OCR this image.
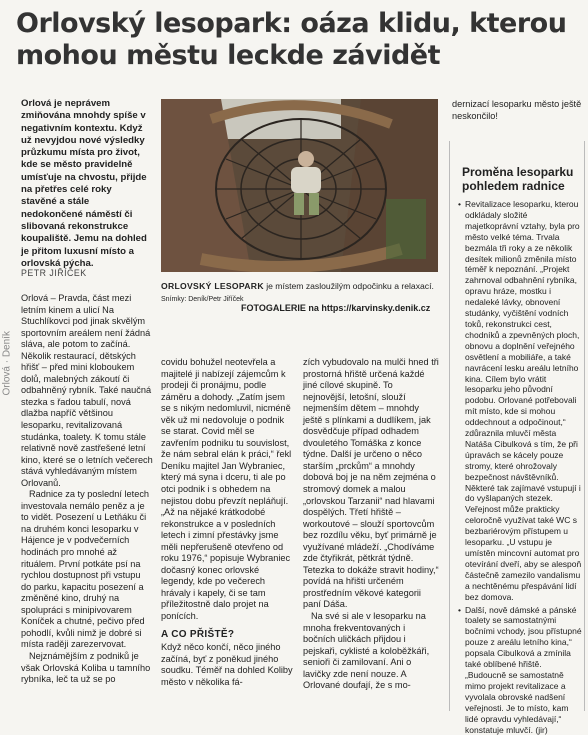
Orlovský lesopark: oáza klidu, kterou mohou městu leckde závidět
Orlová · Deník

Orlová je neprávem zmiňována mnohdy spíše v negativním kontextu. Když už nevyjdou nové výsledky průzkumu místa pro život, kde se město pravidelně umísťuje na chvostu, přijde na přetřes celé roky stavěné a stále nedokončené náměstí či slibovaná rekonstrukce koupaliště. Jemu na dohled je přitom luxusní místo a orlovská pýcha.

ORLOVSKÝ LESOPARK je místem zasloužilým odpočinku a relaxací. Snímky: Deník/Petr Jiříček
FOTOGALERIE na https://karvinsky.denik.cz
PETR JIŘÍČEK

Orlová – Pravda, část mezi letním kinem a ulicí Na Stuchlíkovci pod jinak skvělým sportovním areálem není žádná sláva, ale potom to začíná. Několik restaurací, dětských hřišť – před mini kloboukem dolů, malebných zákoutí či odbahněný rybník. Také naučná stezka s řadou tabulí, nová dlažba napříč většinou lesoparku, revitalizovaná studánka, toalety. K tomu stále relativně nově zastřešené letní kino, které se o letních večerech stává vyhledávaným místem Orlovanů.

Radnice za ty poslední letech investovala nemálo peněz a je to vidět. Posezení u Letňáku či na druhém konci lesoparku v Hájence je v podvečerních hodinách pro mnohé až rituálem. První potkáte psí na rychlou dostupnost při vstupu do parku, kapacitu posezení a změněné kino, druhý na spolupráci s minipivovarem Koníček a chutné, pečivo před pohodlí, kvůli nimž je dobré si místa raději zarezervovat.

Nejznámějším z podniků je však Orlovská Koliba u tamního rybníka, leč ta už se po

covidu bohužel neotevřela a majitelé ji nabízejí zájemcům k prodeji či pronájmu, podle záměru a dohody. „Zatím jsem se s nikým nedomluvil, nicméně věk už mi nedovoluje o podnik se starat. Covid měl se zavřením podniku tu souvislost, že nám sebral elán k práci,“ řekl Deníku majitel Jan Wybraniec, který má syna i dceru, ti ale po otci podnik i s obhedem na nejistou dobu převzít nepláňují. „Až na nějaké krátkodobé rekonstrukce a v posledních letech i zimní přestávky jsme měli nepřerušeně otevřeno od roku 1976,“ popisuje Wybraniec dočasný konec orlovské legendy, kde po večerech hrávaly i kapely, či se tam příležitostně dalo projet na ponících.

A CO PŘIŠTĚ?

Když něco končí, něco jiného začíná, byť z poněkud jiného soudku. Téměř na dohled Koliby město v několika fá-

zích vybudovalo na mulči hned tři prostorná hřiště určená každé jiné cílové skupině. To nejnovější, letošní, slouží nejmenším dětem – mnohdy ještě s plínkami a dudlíkem, jak dosvědčuje případ odhadem dvouletého Tomáška z konce týdne. Další je určeno o něco starším „prckům“ a mnohdy dobová boj je na něm zejména o stromový domek a malou „orlovskou Tarzanii“ nad hlavami dospělých. Třetí hřiště – workoutové – slouží sportovcům bez rozdílu věku, byť primárně je využívané mládeží. „Chodíváme zde čtyřikrát, pětkrát týdně. Tetezka to dokáže stravit hodiny,“ povídá na hřišti určeném prostředním věkové kategorii paní Dáša.

Na své si ale v lesoparku na mnoha frekventovaných i bočních uličkách přijdou i pejskaři, cyklisté a koloběžkáři, senioři či zamilovaní. Ani o lavičky zde není nouze. A Orlované doufají, že s mo-

dernizací lesoparku město ještě neskončilo!

Proměna lesoparku pohledem radnice
• Revitalizace lesoparku, kterou odkládaly složité majetkoprávní vztahy, byla pro město velké téma. Trvala bezmála tři roky a ze několik desítek milionů změnila místo téměř k nepoznání. „Projekt zahrnoval odbahnění rybníka, opravu hráze, mostku i nedaleké lávky, obnovení studánky, vyčištění vodních toků, rekonstrukci cest, chodníků a zpevněných ploch, obnovu a doplnění veřejného osvětlení a mobiliáře, a také navrácení lesku areálu letního kina. Cílem bylo vrátit lesoparku jeho původní podobu. Orlované potřebovali mít místo, kde si mohou oddechnout a odpočinout,“ zdůraznila mluvčí města Natáša Cibulková s tím, že při úpravách se kácely pouze stromy, které ohrožovaly bezpečnost návštěvníků. Některé tak zajímavé vstupují i do vyšlapaných stezek. Veřejnost může prakticky celoročně využívat také WC s bezbariérovým přístupem u lesoparku. „U vstupu je umístěn mincovní automat pro otevírání dveří, aby se alespoň částečně zamezilo vandalismu a nechtěnému přespávání lidí bez domova.
• Další, nově dámské a pánské toalety se samostatnými bočními vchody, jsou přístupné pouze z areálu letního kina,“ popsala Cibulková a zmínila také oblíbené hřiště. „Budoucně se samostatně mimo projekt revitalizace a vyvolala obrovské nadšení veřejnosti. Je to místo, kam lidé opravdu vyhledávají,“ konstatuje mluvčí. (jir)
